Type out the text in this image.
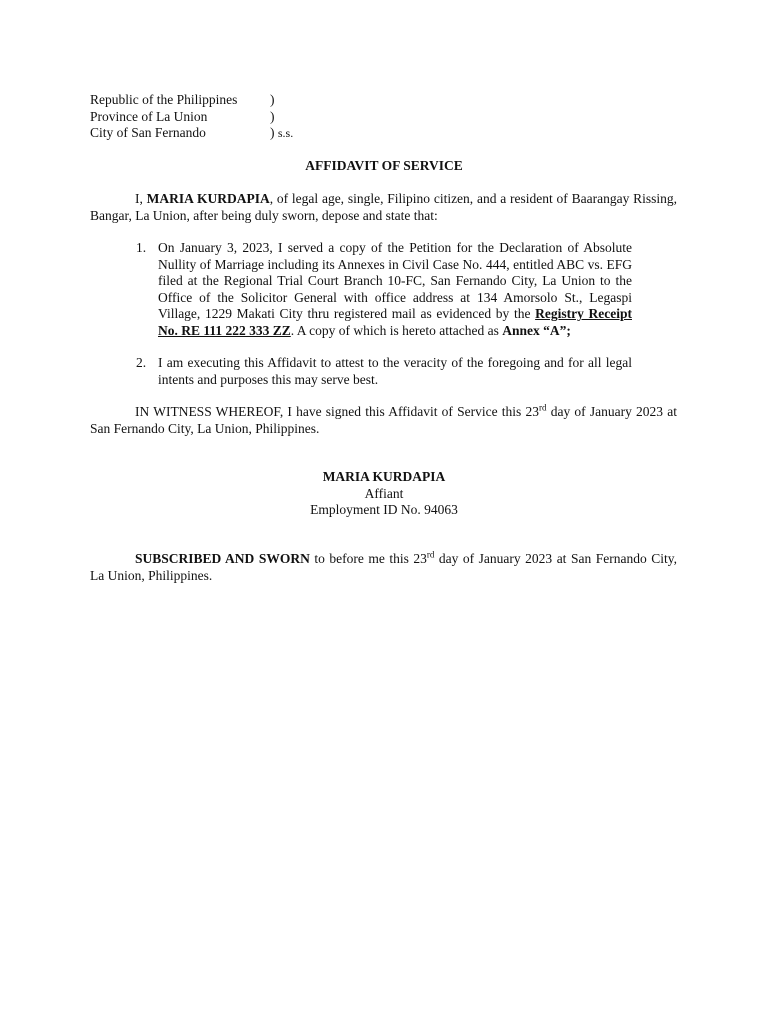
Republic of the Philippines	)
Province of La Union	)
City of San Fernando	) s.s.
AFFIDAVIT OF SERVICE
I, MARIA KURDAPIA, of legal age, single, Filipino citizen, and a resident of Baarangay Rissing, Bangar, La Union, after being duly sworn, depose and state that:
1. On January 3, 2023, I served a copy of the Petition for the Declaration of Absolute Nullity of Marriage including its Annexes in Civil Case No. 444, entitled ABC vs. EFG filed at the Regional Trial Court Branch 10-FC, San Fernando City, La Union to the Office of the Solicitor General with office address at 134 Amorsolo St., Legaspi Village, 1229 Makati City thru registered mail as evidenced by the Registry Receipt No. RE 111 222 333 ZZ. A copy of which is hereto attached as Annex “A”;
2. I am executing this Affidavit to attest to the veracity of the foregoing and for all legal intents and purposes this may serve best.
IN WITNESS WHEREOF, I have signed this Affidavit of Service this 23rd day of January 2023 at San Fernando City, La Union, Philippines.
MARIA KURDAPIA
Affiant
Employment ID No. 94063
SUBSCRIBED AND SWORN to before me this 23rd day of January 2023 at San Fernando City, La Union, Philippines.
